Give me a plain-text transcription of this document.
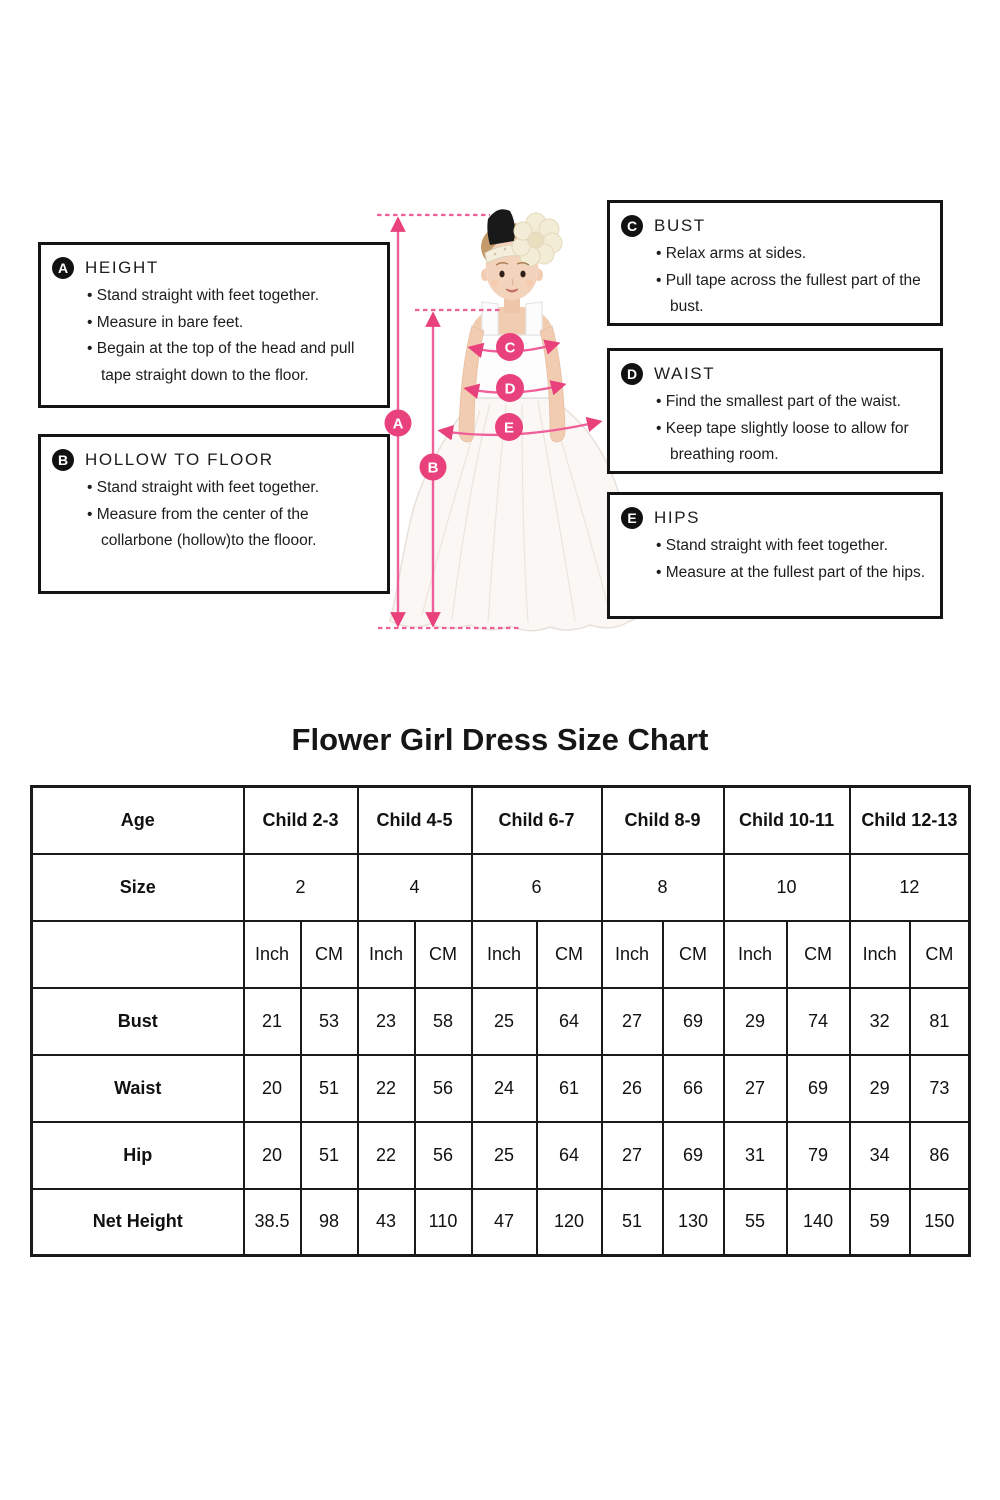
A
B
C
D
E
A HEIGHT
• Stand straight with feet together.
• Measure in bare feet.
• Begain at the top of the head and pull tape straight down to the floor.
B HOLLOW TO FLOOR
• Stand straight with feet together.
• Measure from the center of the collarbone (hollow)to the flooor.
C BUST
• Relax arms at sides.
• Pull tape across the fullest part of the bust.
D WAIST
• Find the smallest part of the waist.
• Keep tape slightly loose to allow for breathing room.
E	HIPS
• Stand straight with feet together.
• Measure at the fullest part of the hips.
Flower Girl Dress Size Chart
Age	Child 2-3		Child 4-5		Child 6-7		Child 8-9		Child 10-11		Child 12-13	
Size	2		4		6		8		10		12	
	Inch	CM	Inch	CM	Inch	CM	Inch	CM	Inch	CM	Inch	CM
Bust	21	53	23	58	25	64	27	69	29	74	32	81
Waist	20	51	22	56	24	61	26	66	27	69	29	73
Hip	20	51	22	56	25	64	27	69	31	79	34	86
Net Height	38.5	98	43	110	47	120	51	130	55	140	59	150
